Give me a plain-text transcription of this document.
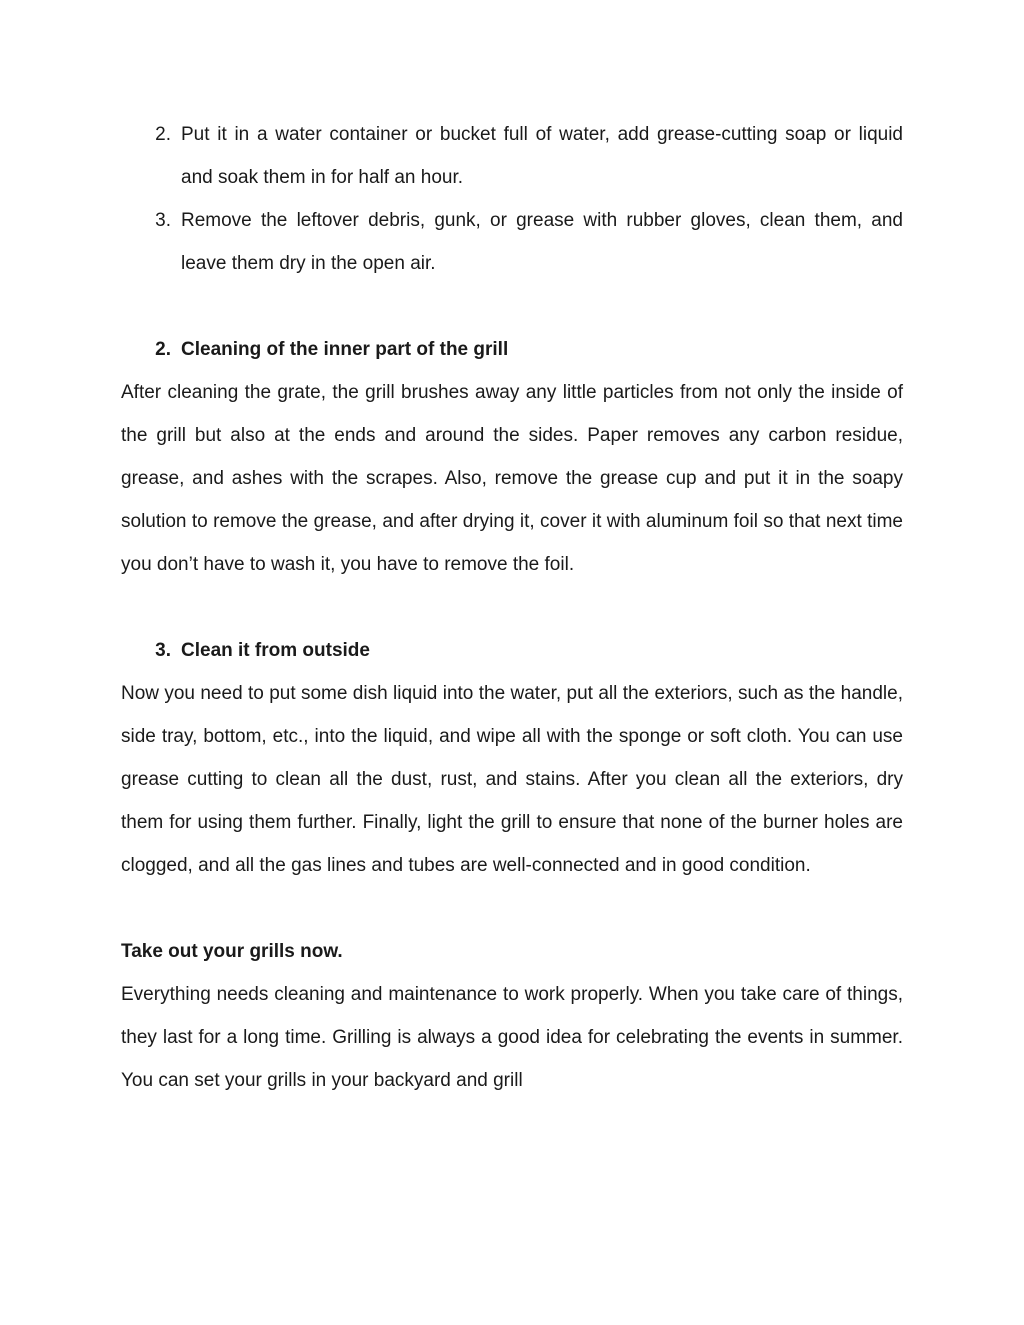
2. Put it in a water container or bucket full of water, add grease-cutting soap or liquid and soak them in for half an hour.
3. Remove the leftover debris, gunk, or grease with rubber gloves, clean them, and leave them dry in the open air.
2. Cleaning of the inner part of the grill

After cleaning the grate, the grill brushes away any little particles from not only the inside of the grill but also at the ends and around the sides. Paper removes any carbon residue, grease, and ashes with the scrapes. Also, remove the grease cup and put it in the soapy solution to remove the grease, and after drying it, cover it with aluminum foil so that next time you don’t have to wash it, you have to remove the foil.

3. Clean it from outside

Now you need to put some dish liquid into the water, put all the exteriors, such as the handle, side tray, bottom, etc., into the liquid, and wipe all with the sponge or soft cloth. You can use grease cutting to clean all the dust, rust, and stains. After you clean all the exteriors, dry them for using them further. Finally, light the grill to ensure that none of the burner holes are clogged, and all the gas lines and tubes are well-connected and in good condition.

Take out your grills now.

Everything needs cleaning and maintenance to work properly. When you take care of things, they last for a long time. Grilling is always a good idea for celebrating the events in summer. You can set your grills in your backyard and grill
